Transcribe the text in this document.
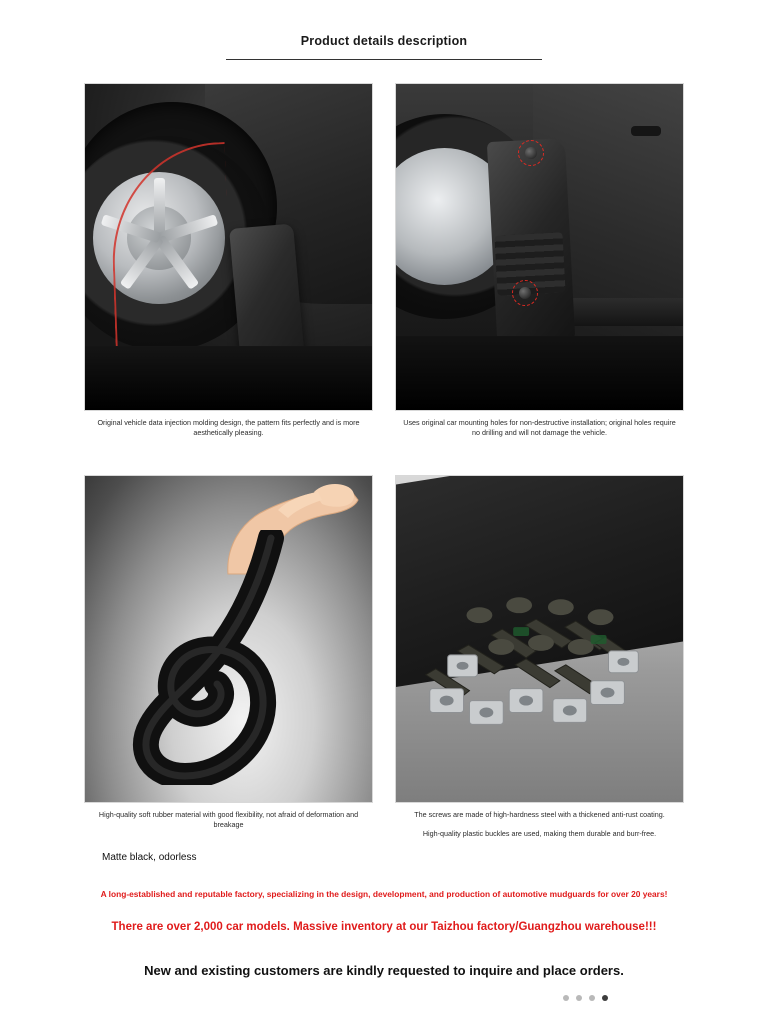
Product details description
Original vehicle data injection molding design, the pattern fits perfectly and is more aesthetically pleasing.
Uses original car mounting holes for non-destructive installation; original holes require no drilling and will not damage the vehicle.
High-quality soft rubber material with good flexibility, not afraid of deformation and breakage
The screws are made of high-hardness steel with a thickened anti-rust coating.
High-quality plastic buckles are used, making them durable and burr-free.
Matte black, odorless
A long-established and reputable factory, specializing in the design, development, and production of automotive mudguards for over 20 years!
There are over 2,000 car models. Massive inventory at our Taizhou factory/Guangzhou warehouse!!!
New and existing customers are kindly requested to inquire and place orders.
